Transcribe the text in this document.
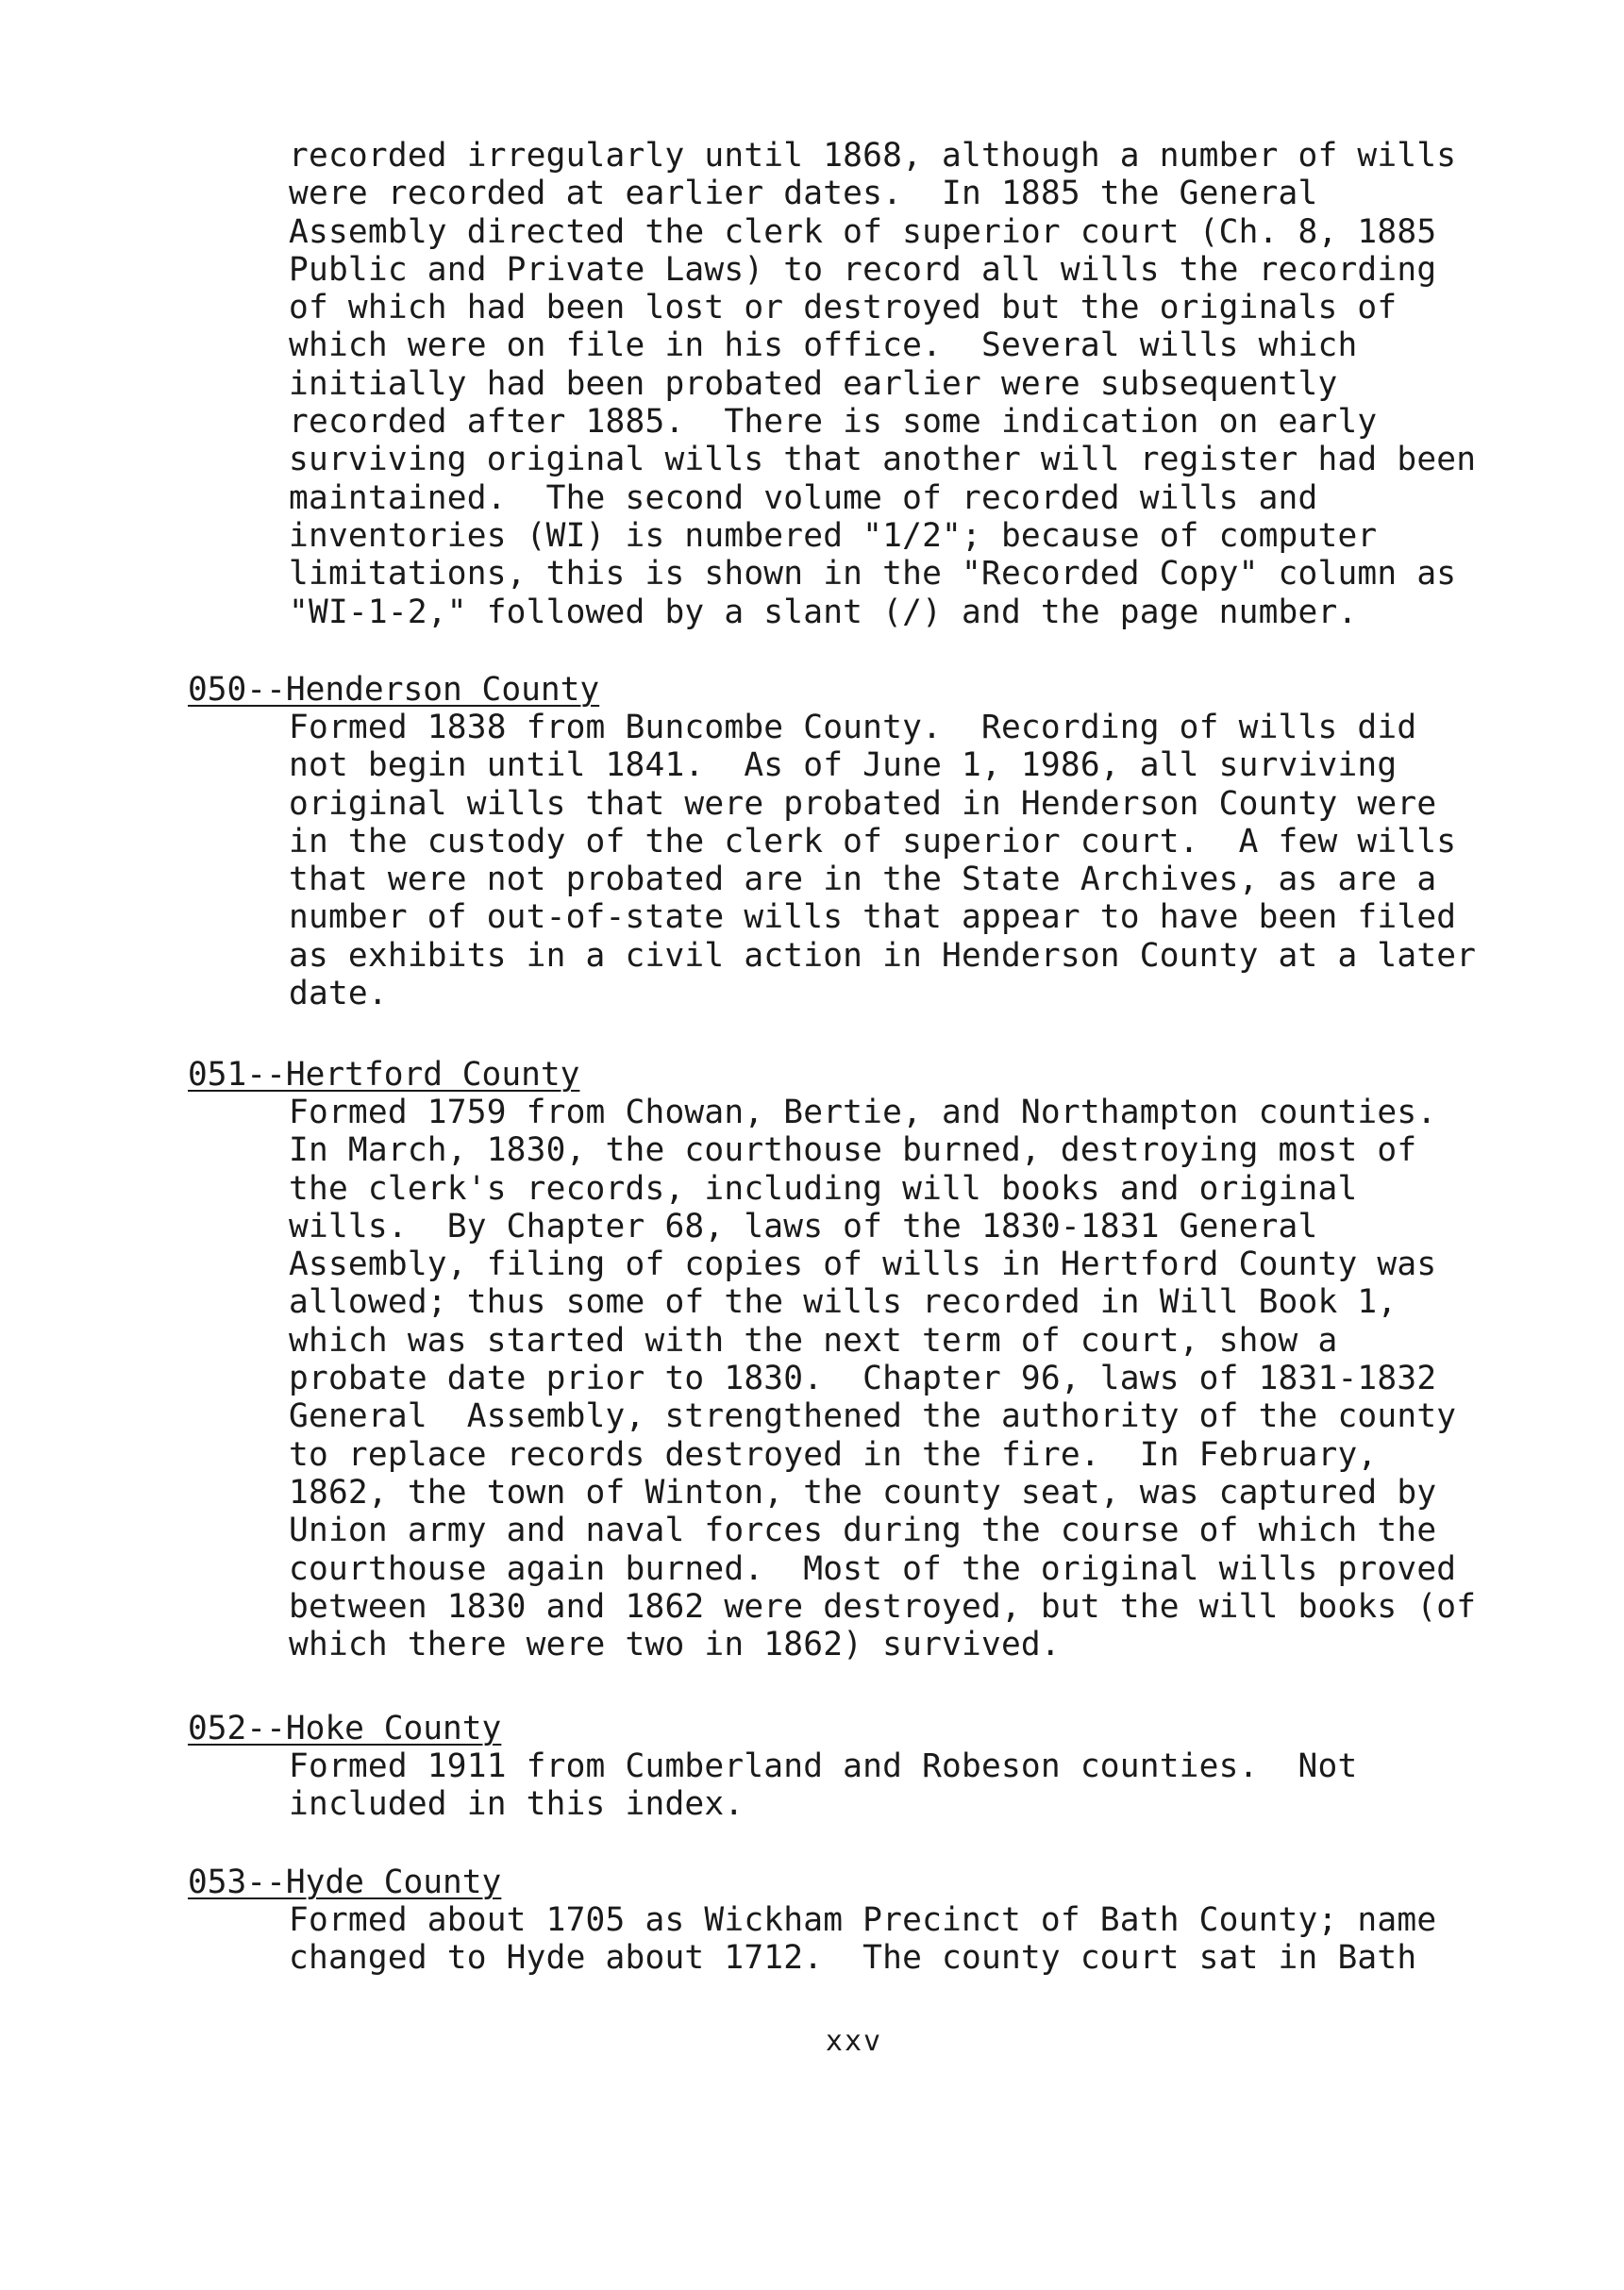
recorded irregularly until 1868, although a number of wills
were recorded at earlier dates.  In 1885 the General
Assembly directed the clerk of superior court (Ch. 8, 1885
Public and Private Laws) to record all wills the recording
of which had been lost or destroyed but the originals of
which were on file in his office.  Several wills which
initially had been probated earlier were subsequently
recorded after 1885.  There is some indication on early
surviving original wills that another will register had been
maintained.  The second volume of recorded wills and
inventories (WI) is numbered "1/2"; because of computer
limitations, this is shown in the "Recorded Copy" column as
"WI-1-2," followed by a slant (/) and the page number.
050--Henderson County
Formed 1838 from Buncombe County.  Recording of wills did
not begin until 1841.  As of June 1, 1986, all surviving
original wills that were probated in Henderson County were
in the custody of the clerk of superior court.  A few wills
that were not probated are in the State Archives, as are a
number of out-of-state wills that appear to have been filed
as exhibits in a civil action in Henderson County at a later
date.
051--Hertford County
Formed 1759 from Chowan, Bertie, and Northampton counties.
In March, 1830, the courthouse burned, destroying most of
the clerk's records, including will books and original
wills.  By Chapter 68, laws of the 1830-1831 General
Assembly, filing of copies of wills in Hertford County was
allowed; thus some of the wills recorded in Will Book 1,
which was started with the next term of court, show a
probate date prior to 1830.  Chapter 96, laws of 1831-1832
General  Assembly, strengthened the authority of the county
to replace records destroyed in the fire.  In February,
1862, the town of Winton, the county seat, was captured by
Union army and naval forces during the course of which the
courthouse again burned.  Most of the original wills proved
between 1830 and 1862 were destroyed, but the will books (of
which there were two in 1862) survived.
052--Hoke County
Formed 1911 from Cumberland and Robeson counties.  Not
included in this index.
053--Hyde County
Formed about 1705 as Wickham Precinct of Bath County; name
changed to Hyde about 1712.  The county court sat in Bath
xxv
